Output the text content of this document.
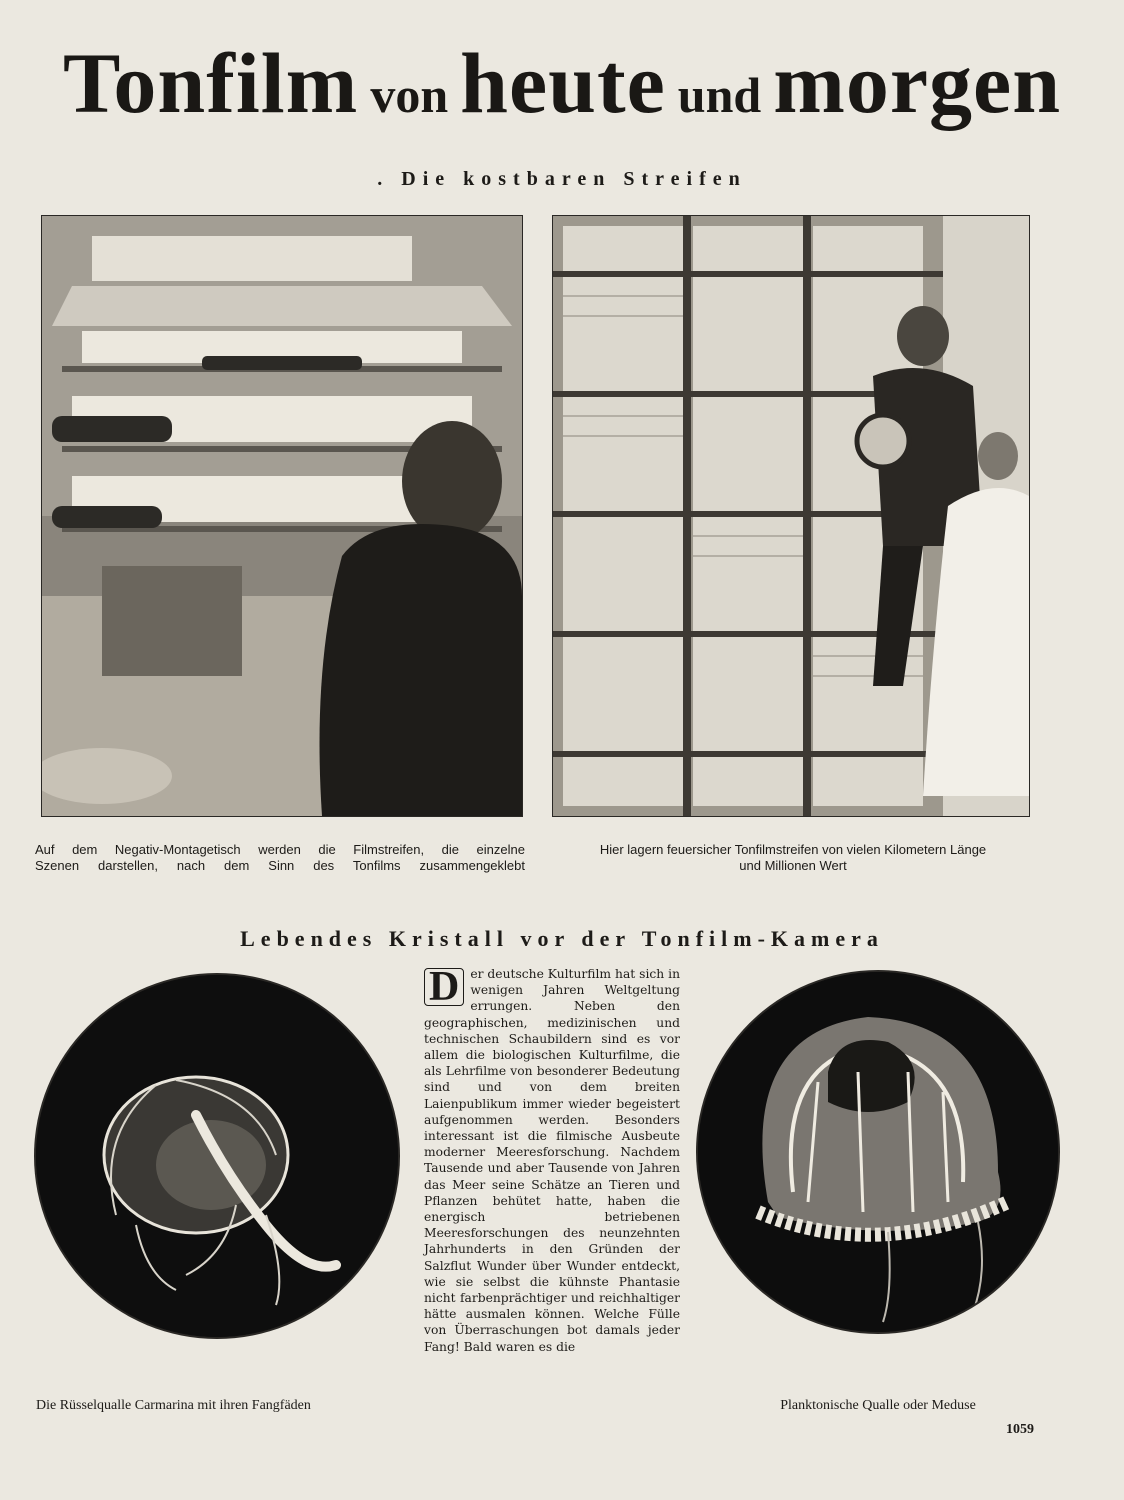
Tonfilm von heute und morgen
. Die kostbaren Streifen
Auf dem Negativ-Montagetisch werden die Filmstreifen, die einzelne
Szenen darstellen, nach dem Sinn des Tonfilms zusammengeklebt
Hier lagern feuersicher Tonfilmstreifen von vielen Kilometern Länge
und Millionen Wert
Lebendes Kristall vor der Tonfilm-Kamera
D er deutsche Kulturfilm hat sich in wenigen Jahren Weltgeltung errungen. Neben den geographischen, medizinischen und technischen Schaubildern sind es vor allem die biologischen Kulturfilme, die als Lehrfilme von besonderer Bedeutung sind und von dem breiten Laienpublikum immer wieder begeistert aufgenommen werden. Besonders interessant ist die filmische Ausbeute moderner Meeresforschung. Nachdem Tausende und aber Tausende von Jahren das Meer seine Schätze an Tieren und Pflanzen behütet hatte, haben die energisch betriebenen Meeresforschungen des neunzehnten Jahrhunderts in den Gründen der Salzflut Wunder über Wunder entdeckt, wie sie selbst die kühnste Phantasie nicht farbenprächtiger und reichhaltiger hätte ausmalen können. Welche Fülle von Überraschungen bot damals jeder Fang! Bald waren es die
Die Rüsselqualle Carmarina mit ihren Fangfäden	Planktonische Qualle oder Meduse
1059
